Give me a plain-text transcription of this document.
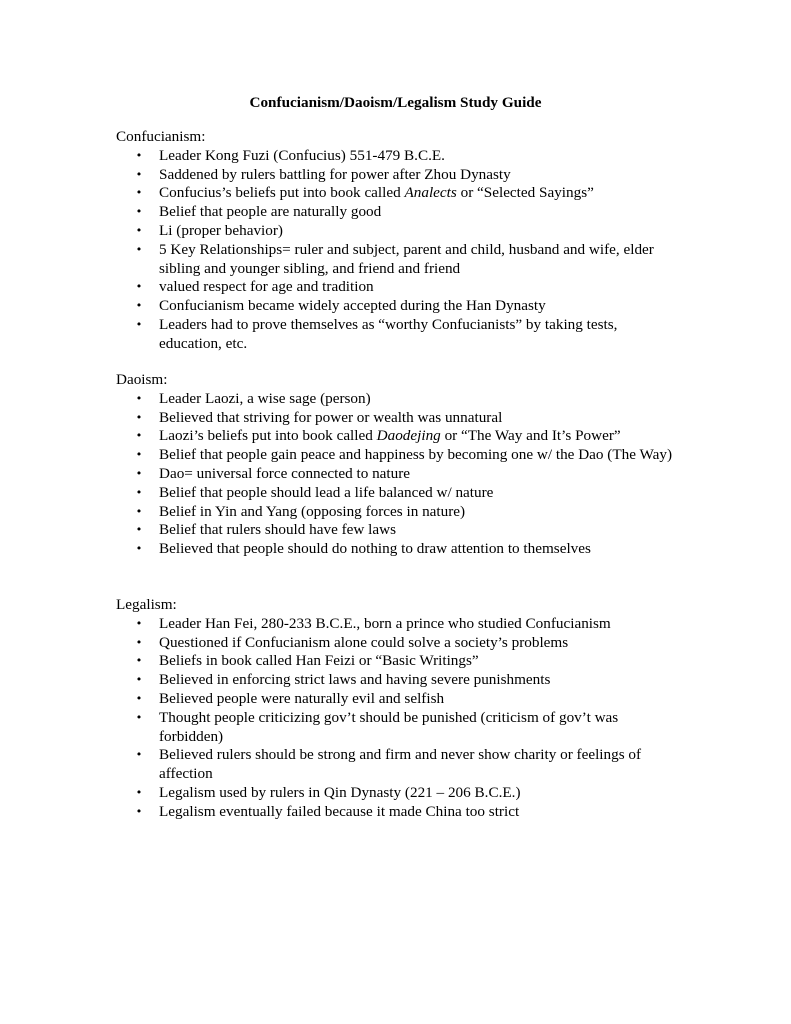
Confucianism/Daoism/Legalism Study Guide

Confucianism:

• Leader Kong Fuzi (Confucius) 551-479 B.C.E.
• Saddened by rulers battling for power after Zhou Dynasty
• Confucius’s beliefs put into book called Analects or “Selected Sayings”
• Belief that people are naturally good
• Li (proper behavior)
• 5 Key Relationships= ruler and subject, parent and child, husband and wife, elder sibling and younger sibling, and friend and friend
• valued respect for age and tradition
• Confucianism became widely accepted during the Han Dynasty
• Leaders had to prove themselves as “worthy Confucianists” by taking tests, education, etc.

Daoism:

• Leader Laozi, a wise sage (person)
• Believed that striving for power or wealth was unnatural
• Laozi’s beliefs put into book called Daodejing or “The Way and It’s Power”
• Belief that people gain peace and happiness by becoming one w/ the Dao (The Way)
• Dao= universal force connected to nature
• Belief that people should lead a life balanced w/ nature
• Belief in Yin and Yang (opposing forces in nature)
• Belief that rulers should have few laws
• Believed that people should do nothing to draw attention to themselves

Legalism:

• Leader Han Fei, 280-233 B.C.E., born a prince who studied Confucianism
• Questioned if Confucianism alone could solve a society’s problems
• Beliefs in book called Han Feizi or “Basic Writings”
• Believed in enforcing strict laws and having severe punishments
• Believed people were naturally evil and selfish
• Thought people criticizing gov’t should be punished (criticism of gov’t was forbidden)
• Believed rulers should be strong and firm and never show charity or feelings of affection
• Legalism used by rulers in Qin Dynasty (221 – 206 B.C.E.)
• Legalism eventually failed because it made China too strict
